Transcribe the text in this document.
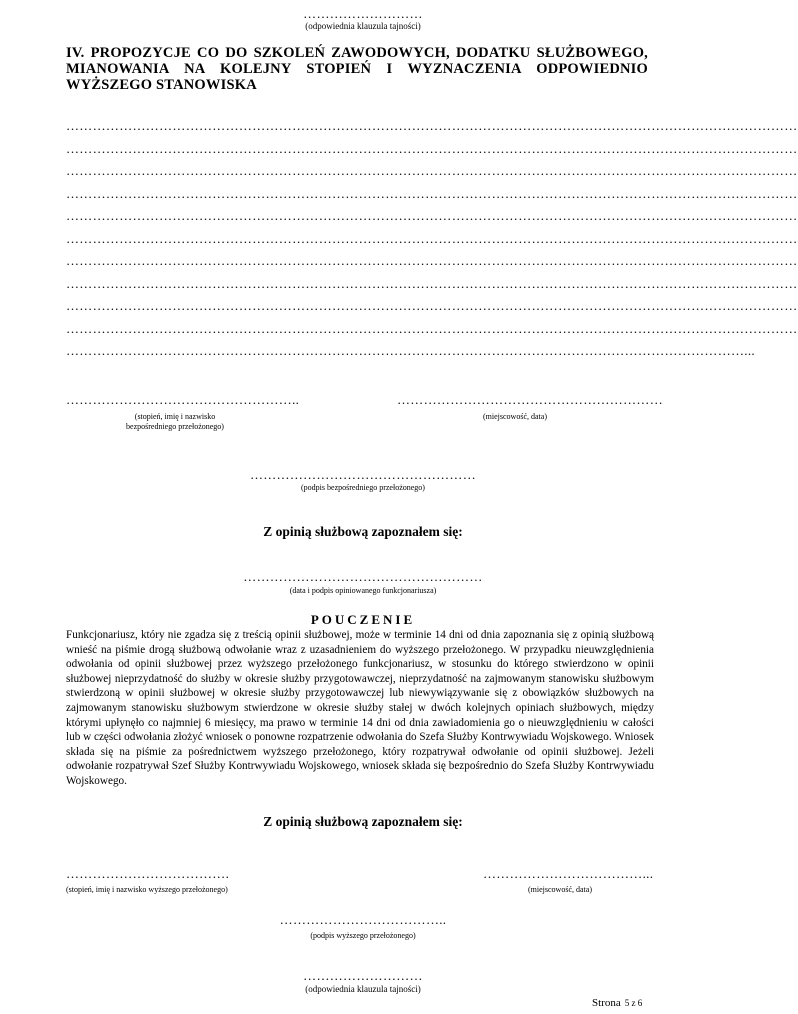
………………………
(odpowiednia klauzula tajności)
IV. PROPOZYCJE CO DO SZKOLEŃ ZAWODOWYCH, DODATKU SŁUŻBOWEGO, MIANOWANIA NA KOLEJNY STOPIEŃ I WYZNACZENIA ODPOWIEDNIO WYŻSZEGO STANOWISKA
…………………………………………………………………………………………………………………………………………………
…………………………………………………………………………………………………………………………………………………
…………………………………………………………………………………………………………………………………………………
…………………………………………………………………………………………………………………………………………………
…………………………………………………………………………………………………………………………………………………
…………………………………………………………………………………………………………………………………………………
…………………………………………………………………………………………………………………………………………………
…………………………………………………………………………………………………………………………………………………
…………………………………………………………………………………………………………………………………………………
…………………………………………………………………………………………………………………………………………………
………………………………………………………………………………………………………………………………………...
……………………………………………..
(stopień, imię i nazwisko
bezpośredniego przełożonego)
……………………………………………………
(miejscowość, data)
……………………………………………
(podpis bezpośredniego przełożonego)
Z opinią służbową zapoznałem się:
………………………………………………
(data i podpis opiniowanego funkcjonariusza)
POUCZENIE
Funkcjonariusz, który nie zgadza się z treścią opinii służbowej, może w terminie 14 dni od dnia zapoznania się z opinią służbową wnieść na piśmie drogą służbową odwołanie wraz z uzasadnieniem do wyższego przełożonego. W przypadku nieuwzględnienia odwołania od opinii służbowej przez wyższego przełożonego funkcjonariusz, w stosunku do którego stwierdzono w opinii służbowej nieprzydatność do służby w okresie służby przygotowawczej, nieprzydatność na zajmowanym stanowisku służbowym stwierdzoną w opinii służbowej w okresie służby przygotowawczej lub niewywiązywanie się z obowiązków służbowych na zajmowanym stanowisku służbowym stwierdzone w okresie służby stałej w dwóch kolejnych opiniach służbowych, między którymi upłynęło co najmniej 6 miesięcy, ma prawo w terminie 14 dni od dnia zawiadomienia go o nieuwzględnieniu w całości lub w części odwołania złożyć wniosek o ponowne rozpatrzenie odwołania do Szefa Służby Kontrwywiadu Wojskowego. Wniosek składa się na piśmie za pośrednictwem wyższego przełożonego, który rozpatrywał odwołanie od opinii służbowej. Jeżeli odwołanie rozpatrywał Szef Służby Kontrwywiadu Wojskowego, wniosek składa się bezpośrednio do Szefa Służby Kontrwywiadu Wojskowego.
Z opinią służbową zapoznałem się:
……………………………….
(stopień, imię i nazwisko wyższego przełożonego)
………………………………...
(miejscowość, data)
………………………………..
(podpis wyższego przełożonego)
………………………
(odpowiednia klauzula tajności)
Strona 5 z 6
